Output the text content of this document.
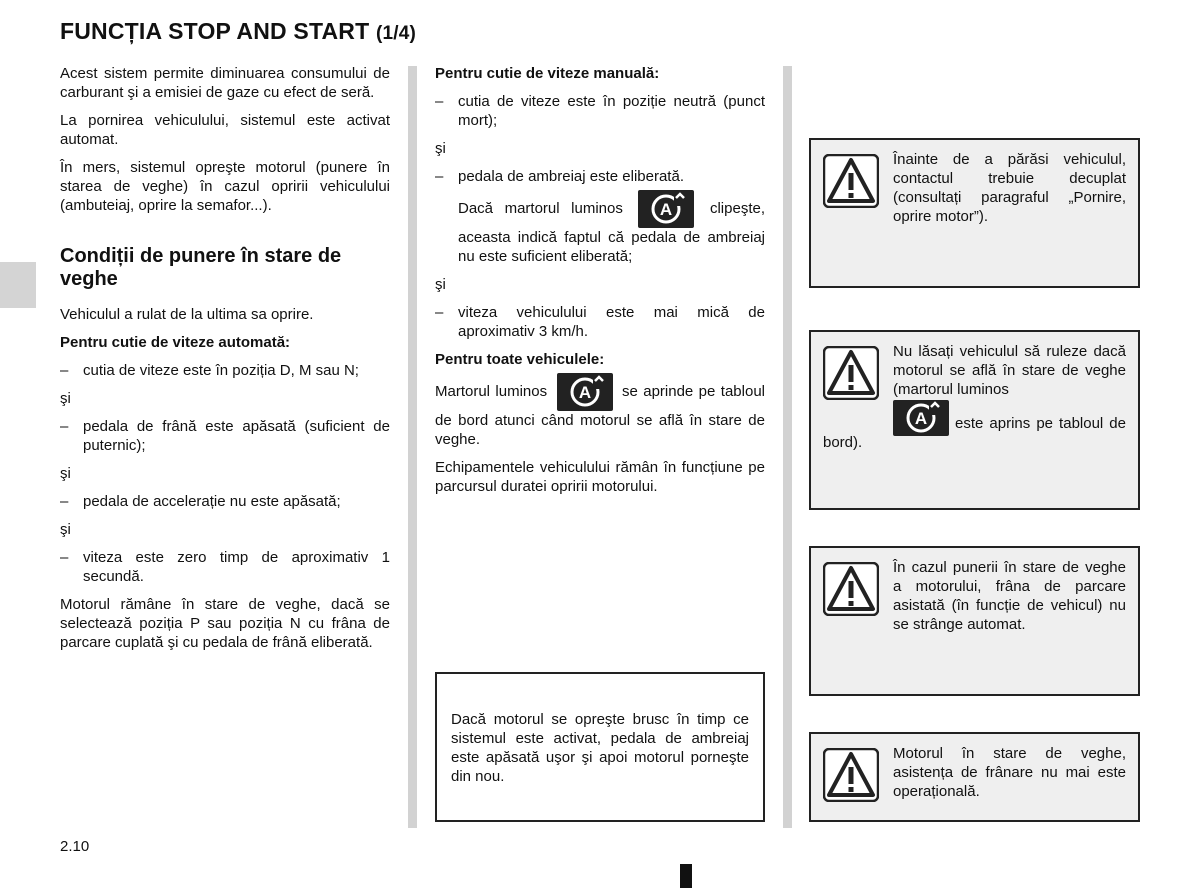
FUNCȚIA STOP AND START (1/4)

Acest sistem permite diminuarea consumului de carburant şi a emisiei de gaze cu efect de seră.

La pornirea vehiculului, sistemul este activat automat.

În mers, sistemul opreşte motorul (punere în starea de veghe) în cazul opririi vehiculului (ambuteiaj, oprire la semafor...).

Condiții de punere în stare de veghe

Vehiculul a rulat de la ultima sa oprire.

Pentru cutie de viteze automată:

– cutia de viteze este în poziția D, M sau N;

şi

– pedala de frână este apăsată (suficient de puternic);

şi

– pedala de accelerație nu este apăsată;

şi

– viteza este zero timp de aproximativ 1 secundă.

Motorul rămâne în stare de veghe, dacă se selectează poziția P sau poziția N cu frâna de parcare cuplată şi cu pedala de frână eliberată.

Pentru cutie de viteze manuală:

– cutia de viteze este în poziție neutră (punct mort);

şi

– pedala de ambreiaj este eliberată.

Dacă martorul luminos A clipeşte, aceasta indică faptul că pedala de ambreiaj nu este suficient eliberată;

şi

– viteza vehiculului este mai mică de aproximativ 3 km/h.

Pentru toate vehiculele:

Martorul luminos A se aprinde pe tabloul de bord atunci când motorul se află în stare de veghe.

Echipamentele vehiculului rămân în funcțiune pe parcursul duratei opririi motorului.

Dacă motorul se opreşte brusc în timp ce sistemul este activat, pedala de ambreiaj este apăsată uşor şi apoi motorul porneşte din nou.
Înainte de a părăsi vehiculul, contactul trebuie decuplat (consultați paragraful „Pornire, oprire motor”).
Nu lăsați vehiculul să ruleze dacă motorul se află în stare de veghe (martorul luminos
A	este aprins pe tabloul de bord).
În cazul punerii în stare de veghe a motorului, frâna de parcare asistată (în funcție de vehicul) nu se strânge automat.
Motorul în stare de veghe, asistența de frânare nu mai este operațională.
2.10
